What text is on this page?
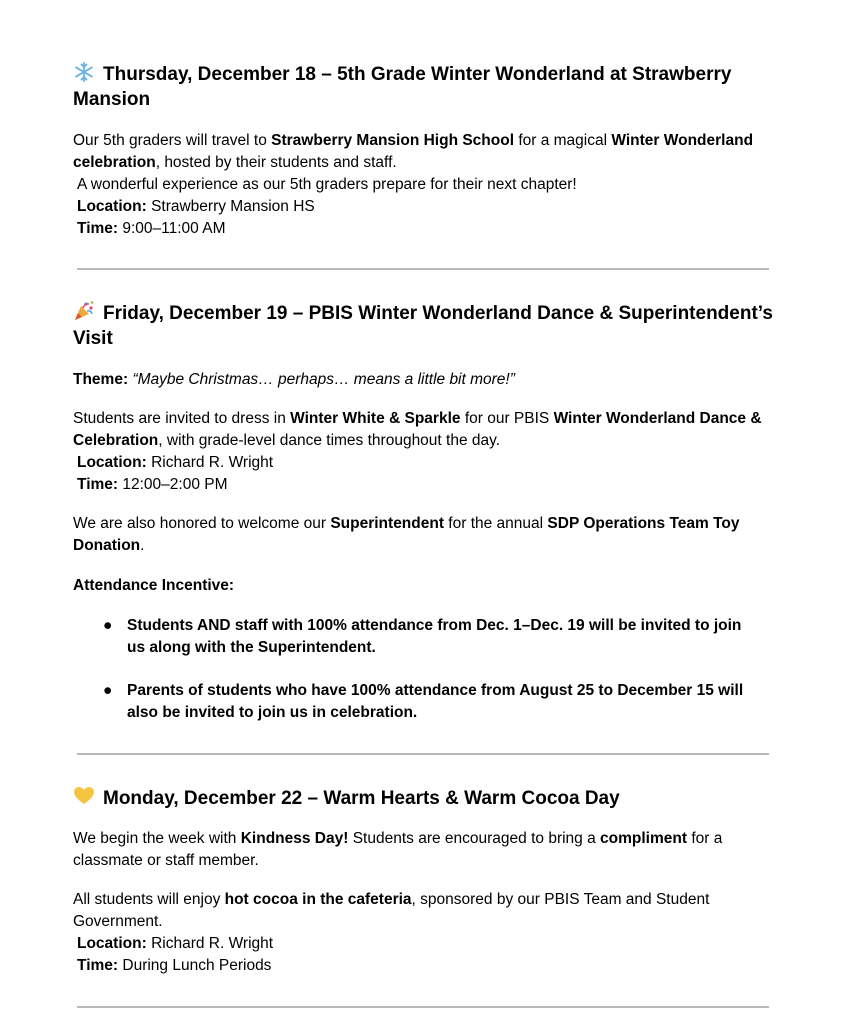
Thursday, December 18 – 5th Grade Winter Wonderland at Strawberry Mansion

Our 5th graders will travel to Strawberry Mansion High School for a magical Winter Wonderland celebration, hosted by their students and staff.
A wonderful experience as our 5th graders prepare for their next chapter!
Location: Strawberry Mansion HS
Time: 9:00–11:00 AM

Friday, December 19 – PBIS Winter Wonderland Dance & Superintendent’s Visit

Theme: “Maybe Christmas… perhaps… means a little bit more!”

Students are invited to dress in Winter White & Sparkle for our PBIS Winter Wonderland Dance & Celebration, with grade-level dance times throughout the day.
Location: Richard R. Wright
Time: 12:00–2:00 PM

We are also honored to welcome our Superintendent for the annual SDP Operations Team Toy Donation.

Attendance Incentive:

● Students AND staff with 100% attendance from Dec. 1–Dec. 19 will be invited to join us along with the Superintendent.
● Parents of students who have 100% attendance from August 25 to December 15 will also be invited to join us in celebration.
Monday, December 22 – Warm Hearts & Warm Cocoa Day

We begin the week with Kindness Day! Students are encouraged to bring a compliment for a classmate or staff member.

All students will enjoy hot cocoa in the cafeteria, sponsored by our PBIS Team and Student Government.
Location: Richard R. Wright
Time: During Lunch Periods
